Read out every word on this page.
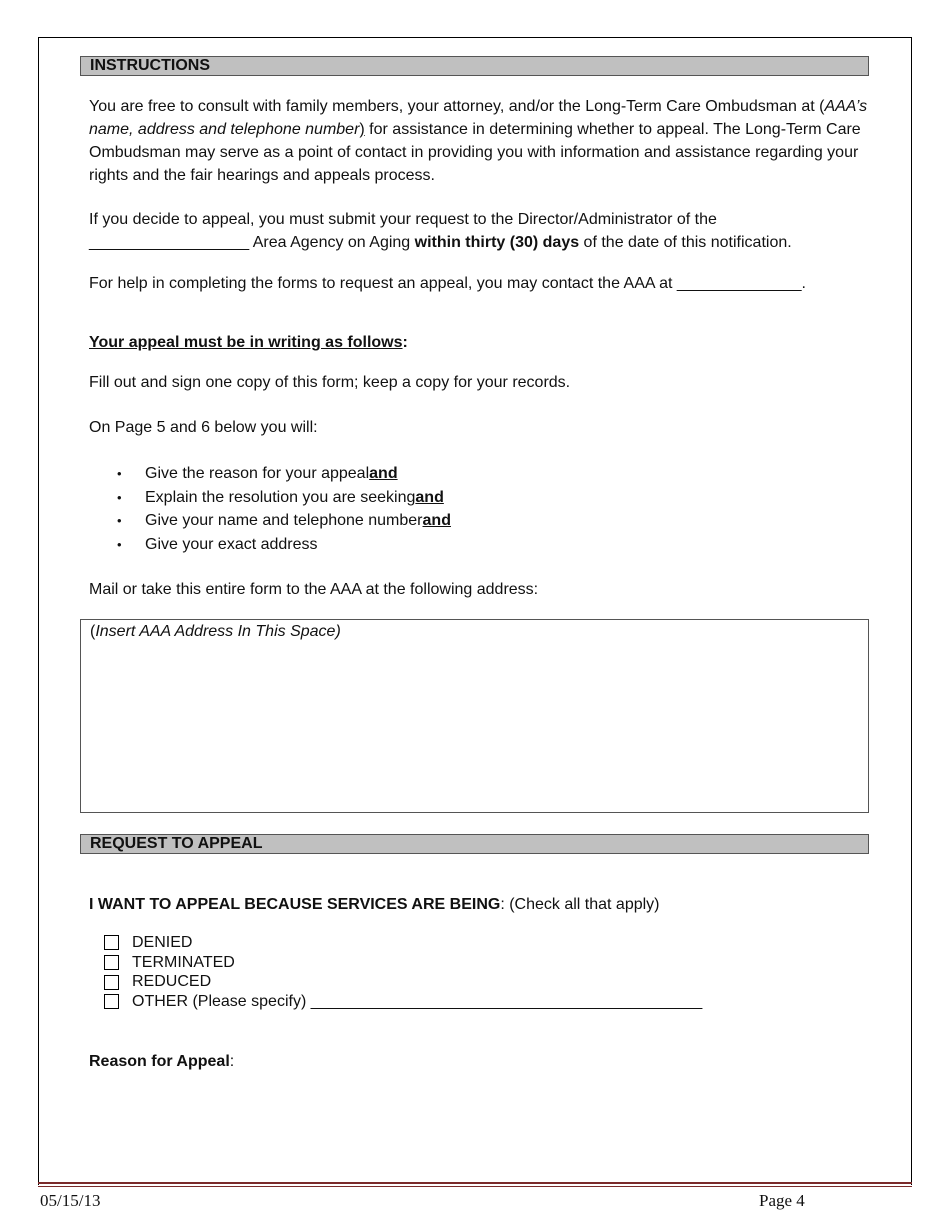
INSTRUCTIONS
You are free to consult with family members, your attorney, and/or the Long-Term Care Ombudsman at (AAA’s name, address and telephone number) for assistance in determining whether to appeal. The Long-Term Care Ombudsman may serve as a point of contact in providing you with information and assistance regarding your rights and the fair hearings and appeals process.
If you decide to appeal, you must submit your request to the Director/Administrator of the __________________ Area Agency on Aging within thirty (30) days of the date of this notification.
For help in completing the forms to request an appeal, you may contact the AAA at ______________.
Your appeal must be in writing as follows:
Fill out and sign one copy of this form; keep a copy for your records.
On Page 5 and 6 below you will:
•	Give the reason for your appeal and
•	Explain the resolution you are seeking and
•	Give your name and telephone number and
•	Give your exact address
Mail or take this entire form to the AAA at the following address:
(Insert AAA Address In This Space)
REQUEST TO APPEAL
I WANT TO APPEAL BECAUSE SERVICES ARE BEING: (Check all that apply)
DENIED
TERMINATED
REDUCED
OTHER (Please specify) ____________________________________________
Reason for Appeal:
05/15/13	Page 4
